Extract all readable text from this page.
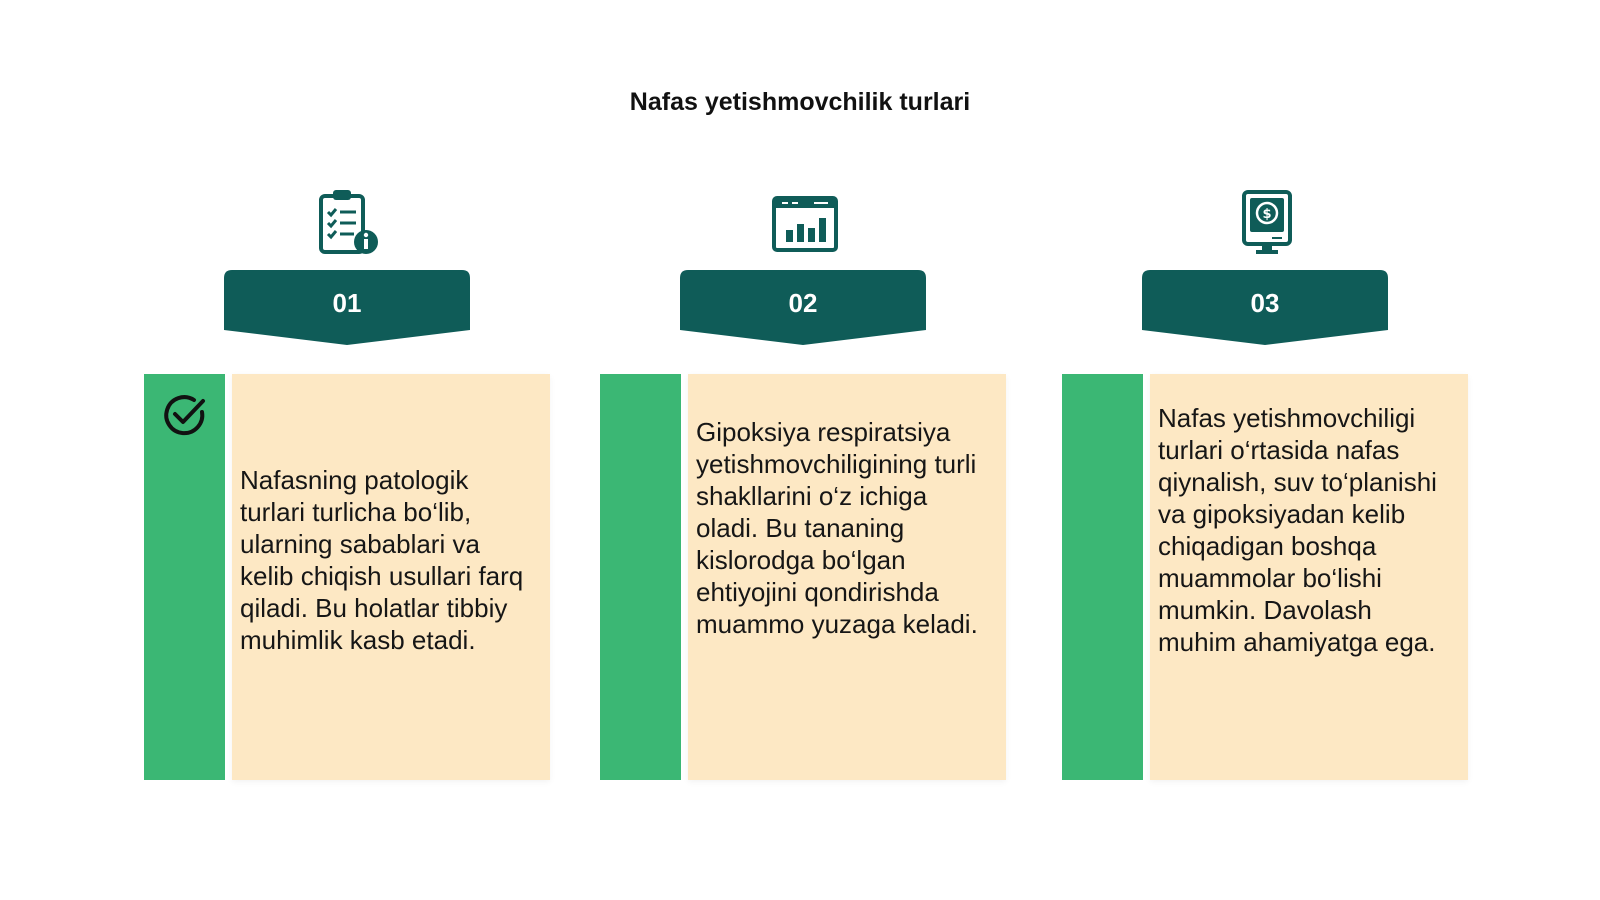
Nafas yetishmovchilik turlari
01
Nafasning patologik turlari turlicha bo‘lib, ularning sabablari va kelib chiqish usullari farq qiladi. Bu holatlar tibbiy muhimlik kasb etadi.
02
Gipoksiya respiratsiya yetishmovchiligining turli shakllarini o‘z ichiga oladi. Bu tananing kislorodga bo‘lgan ehtiyojini qondirishda muammo yuzaga keladi.
$
03
Nafas yetishmovchiligi turlari o‘rtasida nafas qiynalish, suv to‘planishi va gipoksiyadan kelib chiqadigan boshqa muammolar bo‘lishi mumkin. Davolash muhim ahamiyatga ega.
